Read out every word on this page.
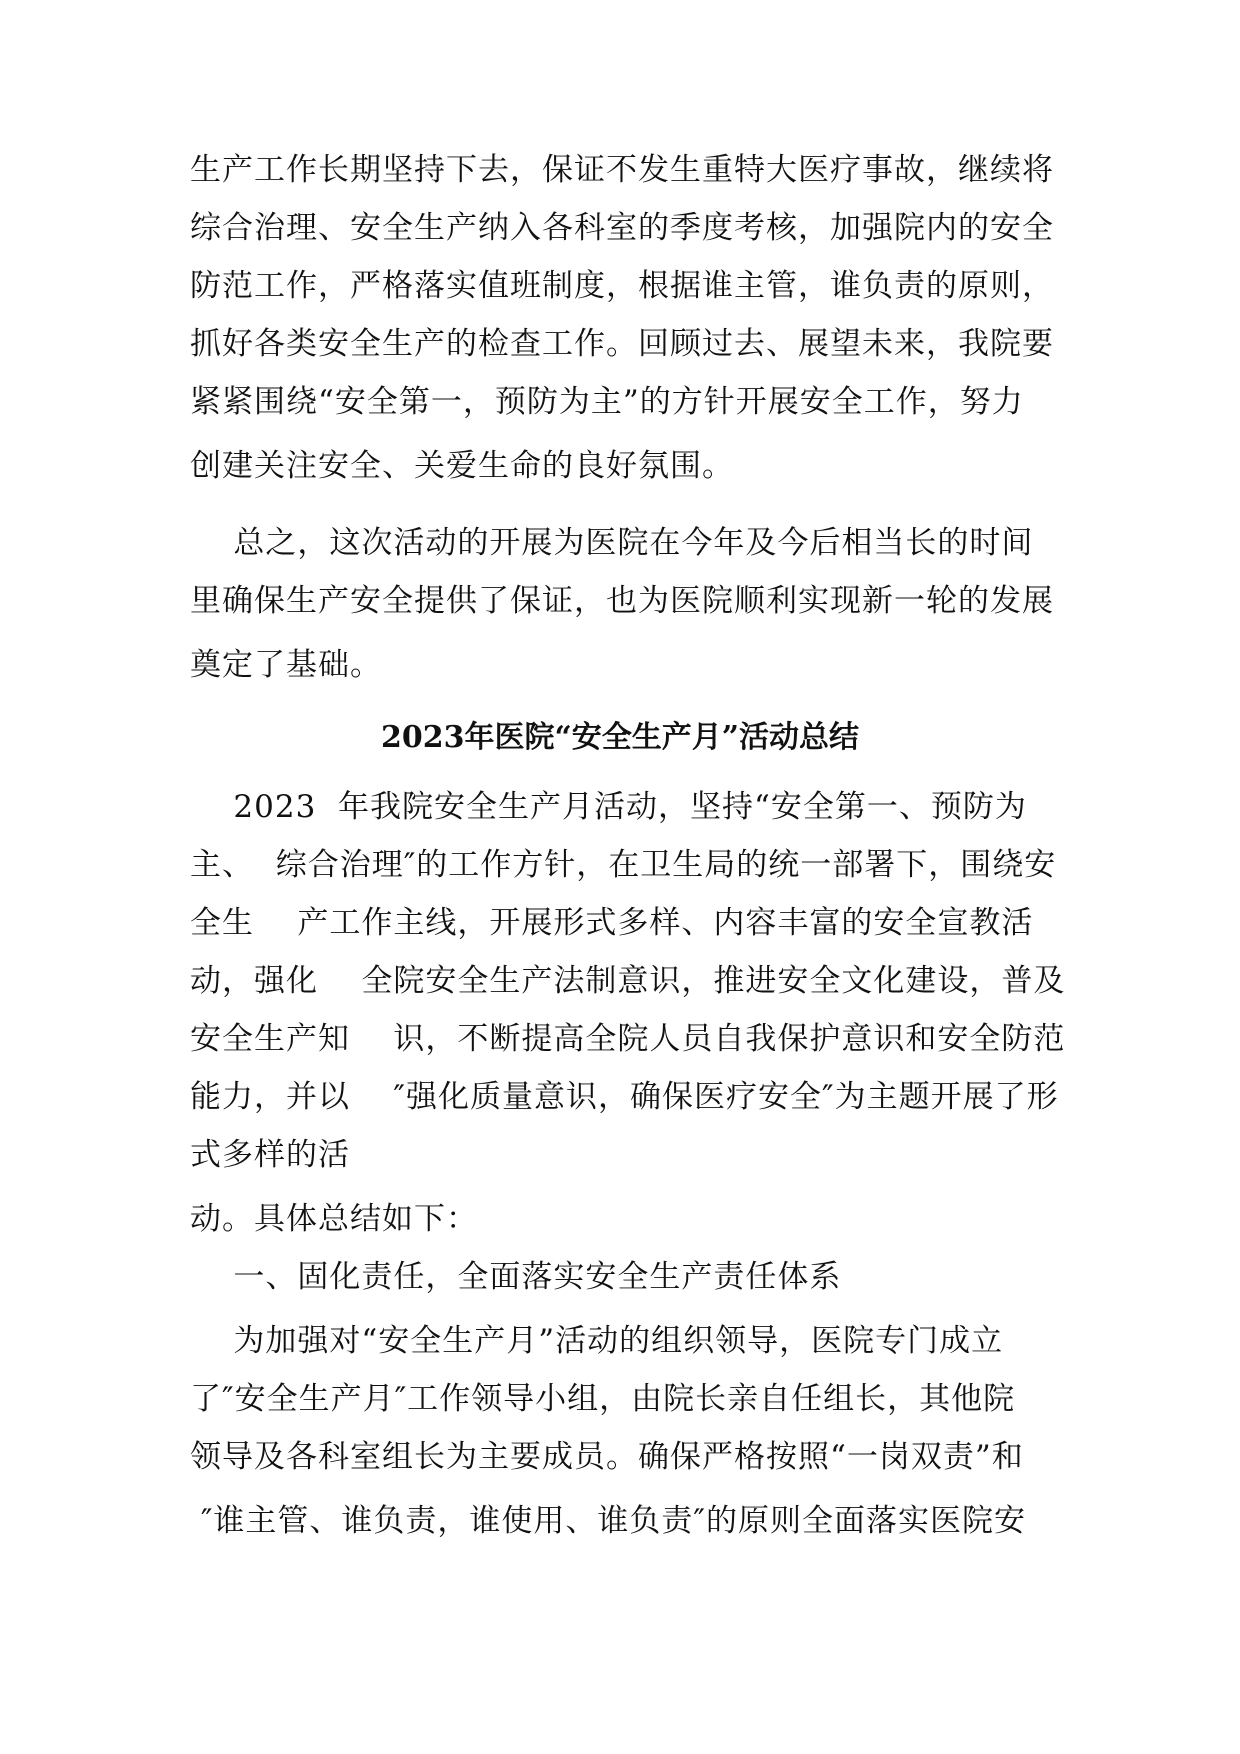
生产工作长期坚持下去，保证不发生重特大医疗事故，继续将
综合治理、安全生产纳入各科室的季度考核，加强院内的安全
防范工作，严格落实值班制度，根据谁主管，谁负责的原则，
抓好各类安全生产的检查工作。回顾过去、展望未来，我院要
紧紧围绕“安全第一，预防为主”的方针开展安全工作，努力
创建关注安全、关爱生命的良好氛围。
总之，这次活动的开展为医院在今年及今后相当长的时间
里确保生产安全提供了保证，也为医院顺利实现新一轮的发展
奠定了基础。
2023年医院“安全生产月”活动总结
2023  年我院安全生产月活动，坚持“安全第一、预防为
主、  综合治理″的工作方针，在卫生局的统一部署下，围绕安
全生    产工作主线，开展形式多样、内容丰富的安全宣教活
动，强化    全院安全生产法制意识，推进安全文化建设，普及
安全生产知    识，不断提高全院人员自我保护意识和安全防范
能力，并以    ″强化质量意识，确保医疗安全″为主题开展了形
式多样的活
动。具体总结如下：
一、固化责任，全面落实安全生产责任体系
为加强对“安全生产月”活动的组织领导，医院专门成立
了″安全生产月″工作领导小组，由院长亲自任组长，其他院
领导及各科室组长为主要成员。确保严格按照“一岗双责”和
″谁主管、谁负责，谁使用、谁负责″的原则全面落实医院安
